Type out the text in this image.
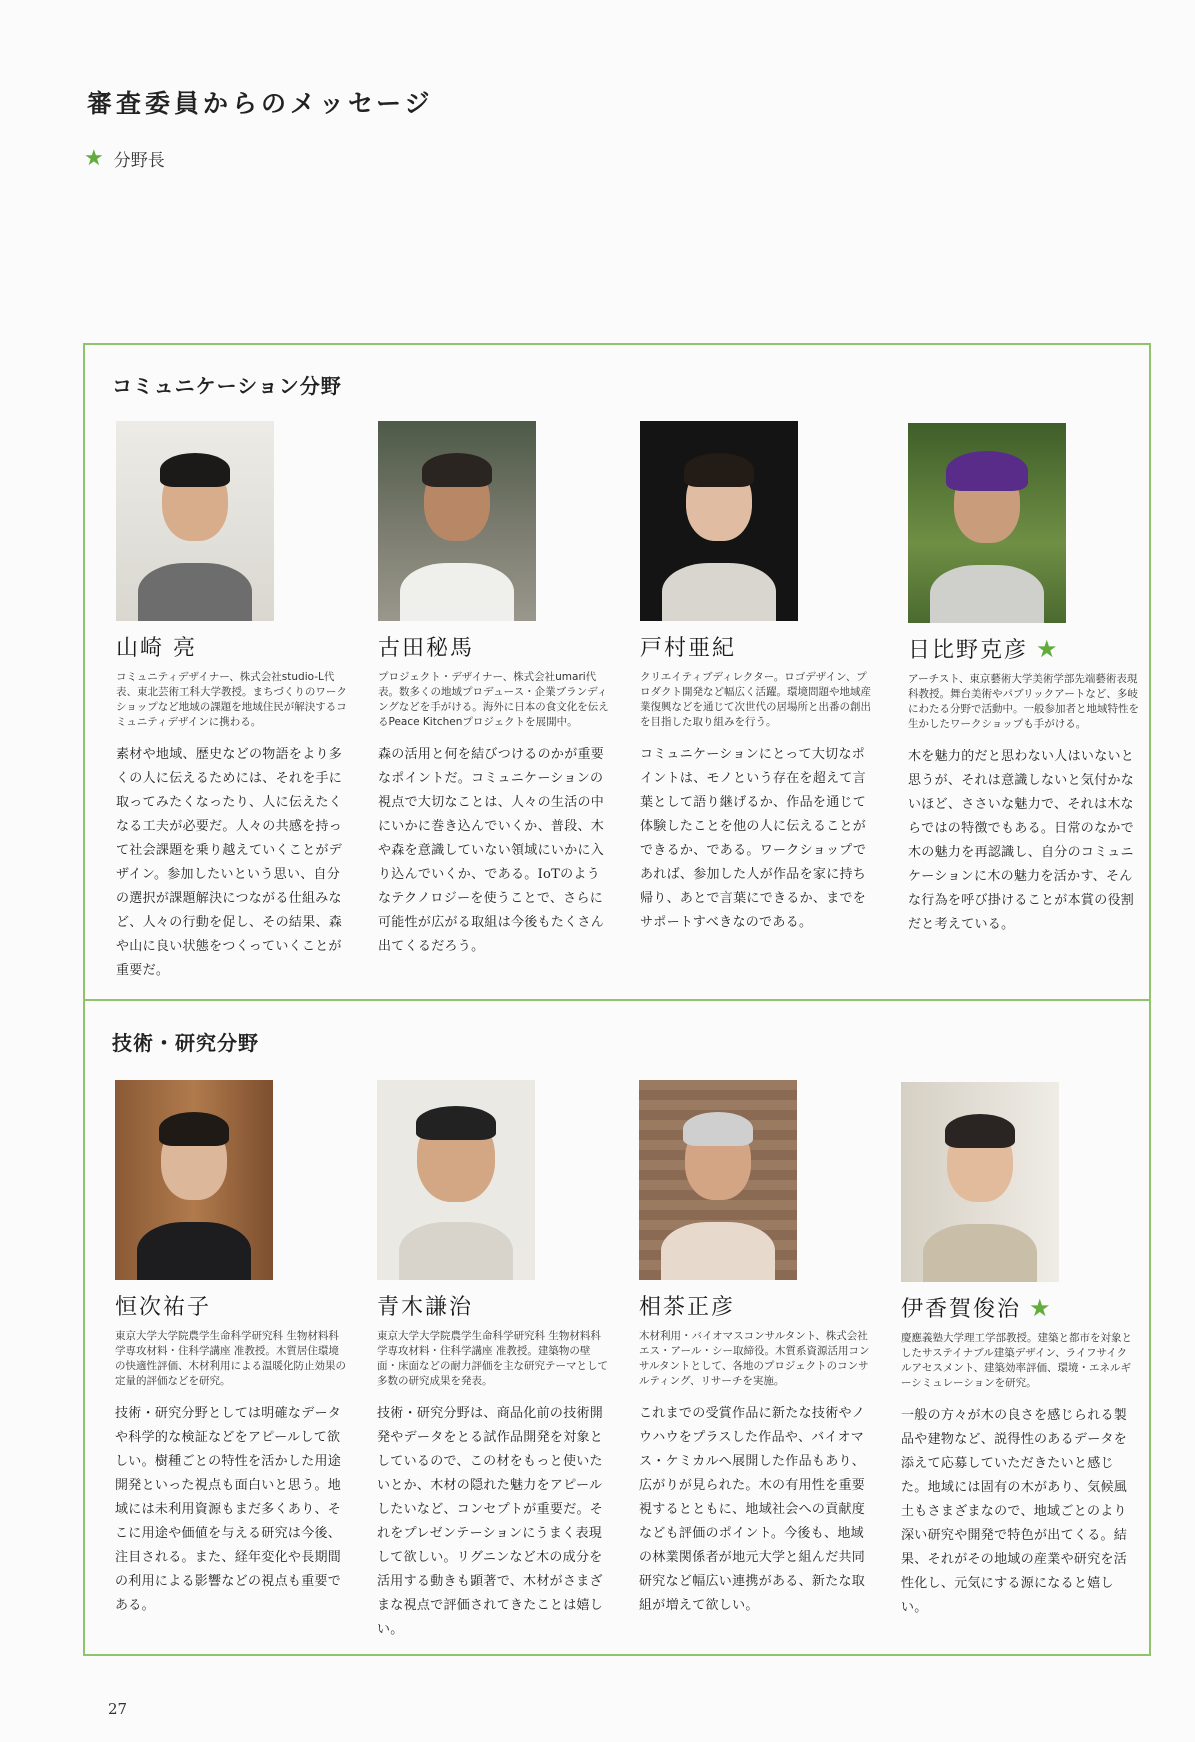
審査委員からのメッセージ
★ 分野長
コミュニケーション分野
山崎 亮

コミュニティデザイナー、株式会社studio-L代表、東北芸術工科大学教授。まちづくりのワークショップなど地域の課題を地域住民が解決するコミュニティデザインに携わる。

素材や地域、歴史などの物語をより多くの人に伝えるためには、それを手に取ってみたくなったり、人に伝えたくなる工夫が必要だ。人々の共感を持って社会課題を乗り越えていくことがデザイン。参加したいという思い、自分の選択が課題解決につながる仕組みなど、人々の行動を促し、その結果、森や山に良い状態をつくっていくことが重要だ。

古田秘馬

プロジェクト・デザイナー、株式会社umari代表。数多くの地域プロデュース・企業ブランディングなどを手がける。海外に日本の食文化を伝えるPeace Kitchenプロジェクトを展開中。

森の活用と何を結びつけるのかが重要なポイントだ。コミュニケーションの視点で大切なことは、人々の生活の中にいかに巻き込んでいくか、普段、木や森を意識していない領域にいかに入り込んでいくか、である。IoTのようなテクノロジーを使うことで、さらに可能性が広がる取組は今後もたくさん出てくるだろう。

戸村亜紀

クリエイティブディレクター。ロゴデザイン、プロダクト開発など幅広く活躍。環境問題や地域産業復興などを通じて次世代の居場所と出番の創出を目指した取り組みを行う。

コミュニケーションにとって大切なポイントは、モノという存在を超えて言葉として語り継げるか、作品を通じて体験したことを他の人に伝えることができるか、である。ワークショップであれば、参加した人が作品を家に持ち帰り、あとで言葉にできるか、までをサポートすべきなのである。

日比野克彦 ★

アーチスト、東京藝術大学美術学部先端藝術表現科教授。舞台美術やパブリックアートなど、多岐にわたる分野で活動中。一般参加者と地域特性を生かしたワークショップも手がける。

木を魅力的だと思わない人はいないと思うが、それは意識しないと気付かないほど、ささいな魅力で、それは木ならではの特徴でもある。日常のなかで木の魅力を再認識し、自分のコミュニケーションに木の魅力を活かす、そんな行為を呼び掛けることが本賞の役割だと考えている。

技術・研究分野
恒次祐子

東京大学大学院農学生命科学研究科 生物材料科学専攻材料・住科学講座 准教授。木質居住環境の快適性評価、木材利用による温暖化防止効果の定量的評価などを研究。

技術・研究分野としては明確なデータや科学的な検証などをアピールして欲しい。樹種ごとの特性を活かした用途開発といった視点も面白いと思う。地域には未利用資源もまだ多くあり、そこに用途や価値を与える研究は今後、注目される。また、経年変化や長期間の利用による影響などの視点も重要である。

青木謙治

東京大学大学院農学生命科学研究科 生物材料科学専攻材料・住科学講座 准教授。建築物の壁面・床面などの耐力評価を主な研究テーマとして多数の研究成果を発表。

技術・研究分野は、商品化前の技術開発やデータをとる試作品開発を対象としているので、この材をもっと使いたいとか、木材の隠れた魅力をアピールしたいなど、コンセプトが重要だ。それをプレゼンテーションにうまく表現して欲しい。リグニンなど木の成分を活用する動きも顕著で、木材がさまざまな視点で評価されてきたことは嬉しい。

相茶正彦

木材利用・バイオマスコンサルタント、株式会社エス・アール・シー取締役。木質系資源活用コンサルタントとして、各地のプロジェクトのコンサルティング、リサーチを実施。

これまでの受賞作品に新たな技術やノウハウをプラスした作品や、バイオマス・ケミカルへ展開した作品もあり、広がりが見られた。木の有用性を重要視するとともに、地域社会への貢献度なども評価のポイント。今後も、地域の林業関係者が地元大学と組んだ共同研究など幅広い連携がある、新たな取組が増えて欲しい。

伊香賀俊治 ★

慶應義塾大学理工学部教授。建築と都市を対象としたサステイナブル建築デザイン、ライフサイクルアセスメント、建築効率評価、環境・エネルギーシミュレーションを研究。

一般の方々が木の良さを感じられる製品や建物など、説得性のあるデータを添えて応募していただきたいと感じた。地域には固有の木があり、気候風土もさまざまなので、地域ごとのより深い研究や開発で特色が出てくる。結果、それがその地域の産業や研究を活性化し、元気にする源になると嬉しい。

27
